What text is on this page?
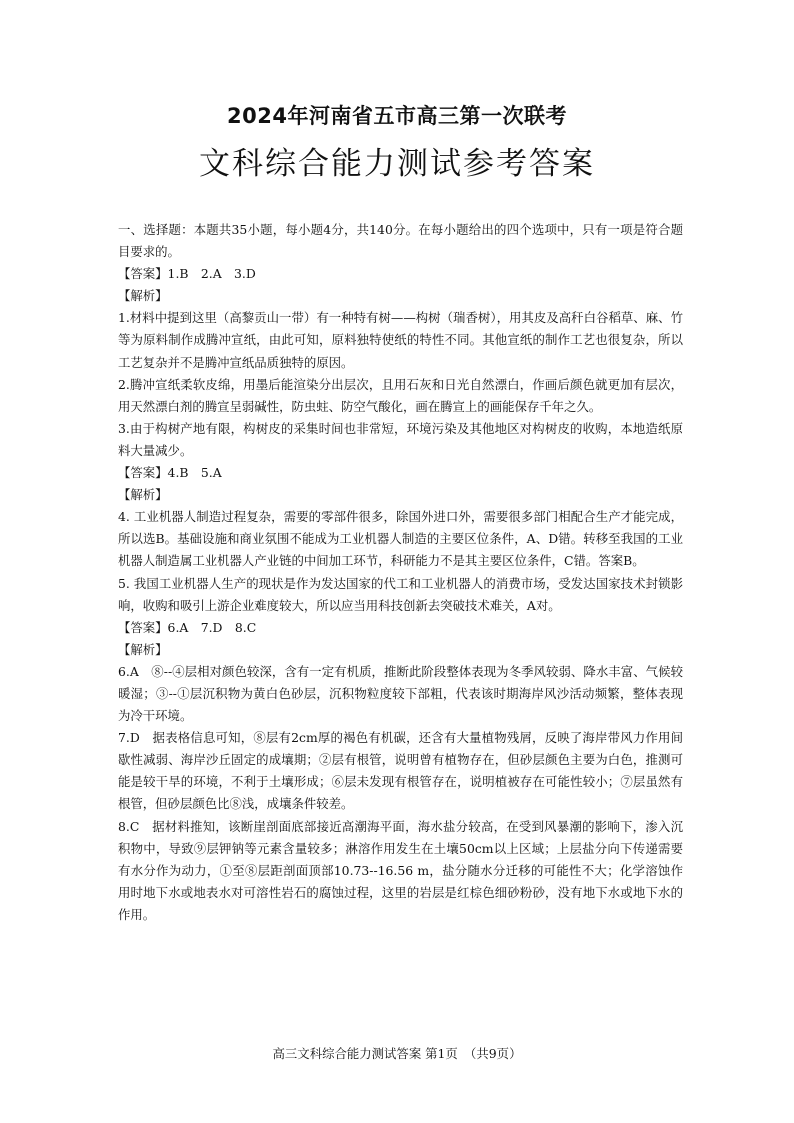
2024年河南省五市高三第一次联考
文科综合能力测试参考答案

一、选择题：本题共35小题，每小题4分，共140分。在每小题给出的四个选项中，只有一项是符合题目要求的。

【答案】1.B　2.A　3.D

【解析】

1.材料中提到这里（高黎贡山一带）有一种特有树——构树（瑞香树），用其皮及高秆白谷稻草、麻、竹等为原料制作成腾冲宣纸，由此可知，原料独特使纸的特性不同。其他宣纸的制作工艺也很复杂，所以工艺复杂并不是腾冲宣纸品质独特的原因。

2.腾冲宣纸柔软皮绵，用墨后能渲染分出层次，且用石灰和日光自然漂白，作画后颜色就更加有层次，用天然漂白剂的腾宣呈弱碱性，防虫蛀、防空气酸化，画在腾宣上的画能保存千年之久。

3.由于构树产地有限，构树皮的采集时间也非常短，环境污染及其他地区对构树皮的收购，本地造纸原料大量减少。

【答案】4.B　5.A

【解析】

4. 工业机器人制造过程复杂，需要的零部件很多，除国外进口外，需要很多部门相配合生产才能完成，所以选B。基础设施和商业氛围不能成为工业机器人制造的主要区位条件，A、D错。转移至我国的工业机器人制造属工业机器人产业链的中间加工环节，科研能力不是其主要区位条件，C错。答案B。

5. 我国工业机器人生产的现状是作为发达国家的代工和工业机器人的消费市场，受发达国家技术封锁影响，收购和吸引上游企业难度较大，所以应当用科技创新去突破技术难关，A对。

【答案】6.A　7.D　8.C

【解析】

6.A　⑧--④层相对颜色较深，含有一定有机质，推断此阶段整体表现为冬季风较弱、降水丰富、气候较暖湿；③--①层沉积物为黄白色砂层，沉积物粒度较下部粗，代表该时期海岸风沙活动频繁，整体表现为冷干环境。

7.D　据表格信息可知，⑧层有2cm厚的褐色有机碳，还含有大量植物残屑，反映了海岸带风力作用间歇性减弱、海岸沙丘固定的成壤期；②层有根管，说明曾有植物存在，但砂层颜色主要为白色，推测可能是较干旱的环境，不利于土壤形成；⑥层未发现有根管存在，说明植被存在可能性较小；⑦层虽然有根管，但砂层颜色比⑧浅，成壤条件较差。

8.C　据材料推知，该断崖剖面底部接近高潮海平面，海水盐分较高，在受到风暴潮的影响下，渗入沉积物中，导致⑨层钾钠等元素含量较多；淋溶作用发生在土壤50cm以上区域；上层盐分向下传递需要有水分作为动力，①至⑧层距剖面顶部10.73--16.56 m，盐分随水分迁移的可能性不大；化学溶蚀作用时地下水或地表水对可溶性岩石的腐蚀过程，这里的岩层是红棕色细砂粉砂，没有地下水或地下水的作用。

高三文科综合能力测试答案 第1页　（共9页）
